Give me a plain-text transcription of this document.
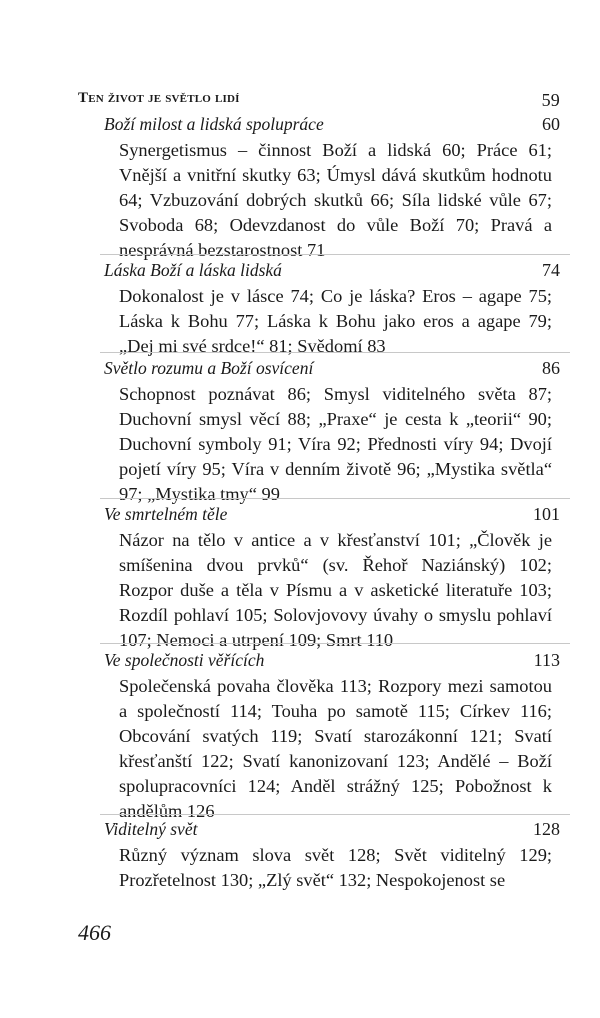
Ten život je světlo lidí	59
Boží milost a lidská spolupráce	60
Synergetismus – činnost Boží a lidská 60; Práce 61; Vnější a vnitřní skutky 63; Úmysl dává skutkům hodnotu 64; Vzbuzování dobrých skutků 66; Síla lidské vůle 67; Svoboda 68; Odevzdanost do vůle Boží 70; Pravá a nesprávná bezstarostnost 71
Láska Boží a láska lidská	74
Dokonalost je v lásce 74; Co je láska? Eros – agape 75; Láska k Bohu 77; Láska k Bohu jako eros a agape 79; „Dej mi své srdce!“ 81; Svědomí 83
Světlo rozumu a Boží osvícení	86
Schopnost poznávat 86; Smysl viditelného světa 87; Duchovní smysl věcí 88; „Praxe“ je cesta k „teorii“ 90; Duchovní symboly 91; Víra 92; Přednosti víry 94; Dvojí pojetí víry 95; Víra v denním životě 96; „Mystika světla“ 97; „Mystika tmy“ 99
Ve smrtelném těle	101
Názor na tělo v antice a v křesťanství 101; „Člověk je smíšenina dvou prvků“ (sv. Řehoř Naziánský) 102; Rozpor duše a těla v Písmu a v asketické literatuře 103; Rozdíl pohlaví 105; Solovjovovy úvahy o smyslu pohlaví 107; Nemoci a utrpení 109; Smrt 110
Ve společnosti věřících	113
Společenská povaha člověka 113; Rozpory mezi samotou a společností 114; Touha po samotě 115; Církev 116; Obcování svatých 119; Svatí starozákonní 121; Svatí křesťanští 122; Svatí kanonizovaní 123; Andělé – Boží spolupracovníci 124; Anděl strážný 125; Pobožnost k andělům 126
Viditelný svět	128
Různý význam slova svět 128; Svět viditelný 129; Prozřetelnost 130; „Zlý svět“ 132; Nespokojenost se
466
